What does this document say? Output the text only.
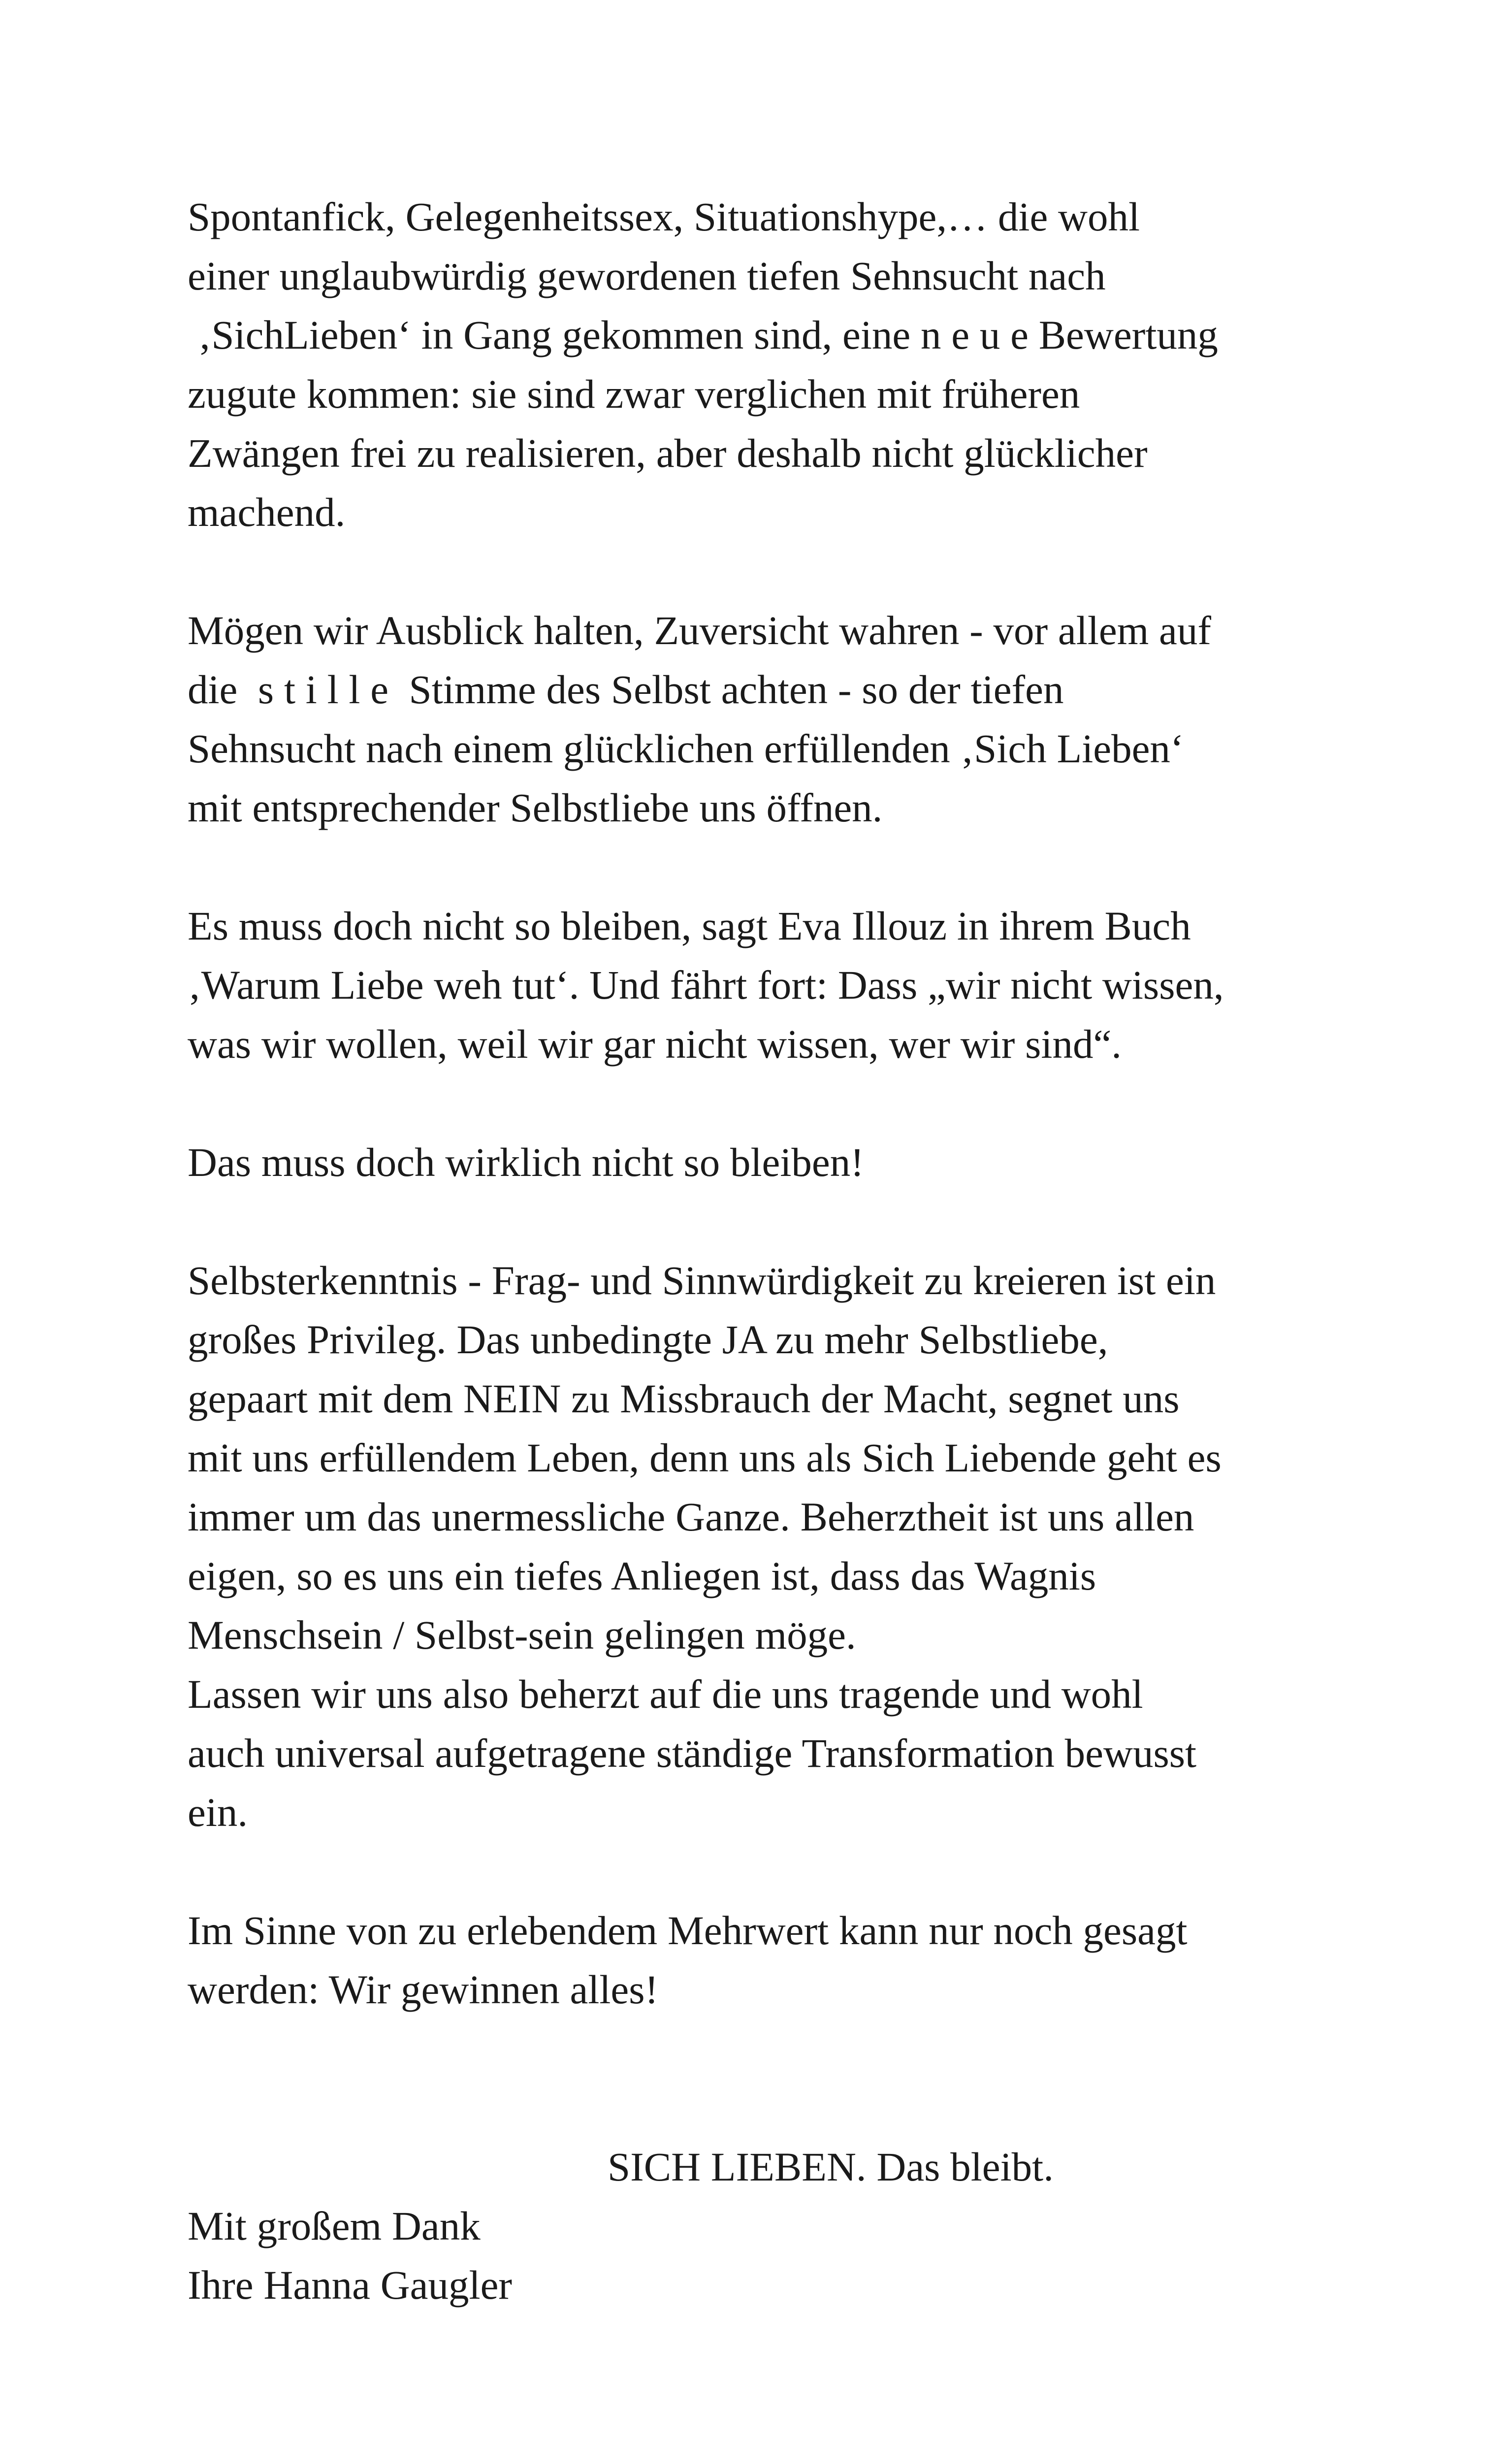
Spontanfick, Gelegenheitssex, Situationshype,… die wohl
einer unglaubwürdig gewordenen tiefen Sehnsucht nach
‚SichLieben‘ in Gang gekommen sind, eine n e u e Bewertung
zugute kommen: sie sind zwar verglichen mit früheren
Zwängen frei zu realisieren, aber deshalb nicht glücklicher
machend.
Mögen wir Ausblick halten, Zuversicht wahren - vor allem auf
die  s t i l l e  Stimme des Selbst achten - so der tiefen
Sehnsucht nach einem glücklichen erfüllenden ‚Sich Lieben‘
mit entsprechender Selbstliebe uns öffnen.
Es muss doch nicht so bleiben, sagt Eva Illouz in ihrem Buch
‚Warum Liebe weh tut‘. Und fährt fort: Dass „wir nicht wissen,
was wir wollen, weil wir gar nicht wissen, wer wir sind“.
Das muss doch wirklich nicht so bleiben!
Selbsterkenntnis - Frag- und Sinnwürdigkeit zu kreieren ist ein
großes Privileg. Das unbedingte JA zu mehr Selbstliebe,
gepaart mit dem NEIN zu Missbrauch der Macht, segnet uns
mit uns erfüllendem Leben, denn uns als Sich Liebende geht es
immer um das unermessliche Ganze. Beherztheit ist uns allen
eigen, so es uns ein tiefes Anliegen ist, dass das Wagnis
Menschsein / Selbst-sein gelingen möge.
Lassen wir uns also beherzt auf die uns tragende und wohl
auch universal aufgetragene ständige Transformation bewusst
ein.
Im Sinne von zu erlebendem Mehrwert kann nur noch gesagt
werden: Wir gewinnen alles!

SICH LIEBEN. Das bleibt.

Mit großem Dank
Ihre Hanna Gaugler
